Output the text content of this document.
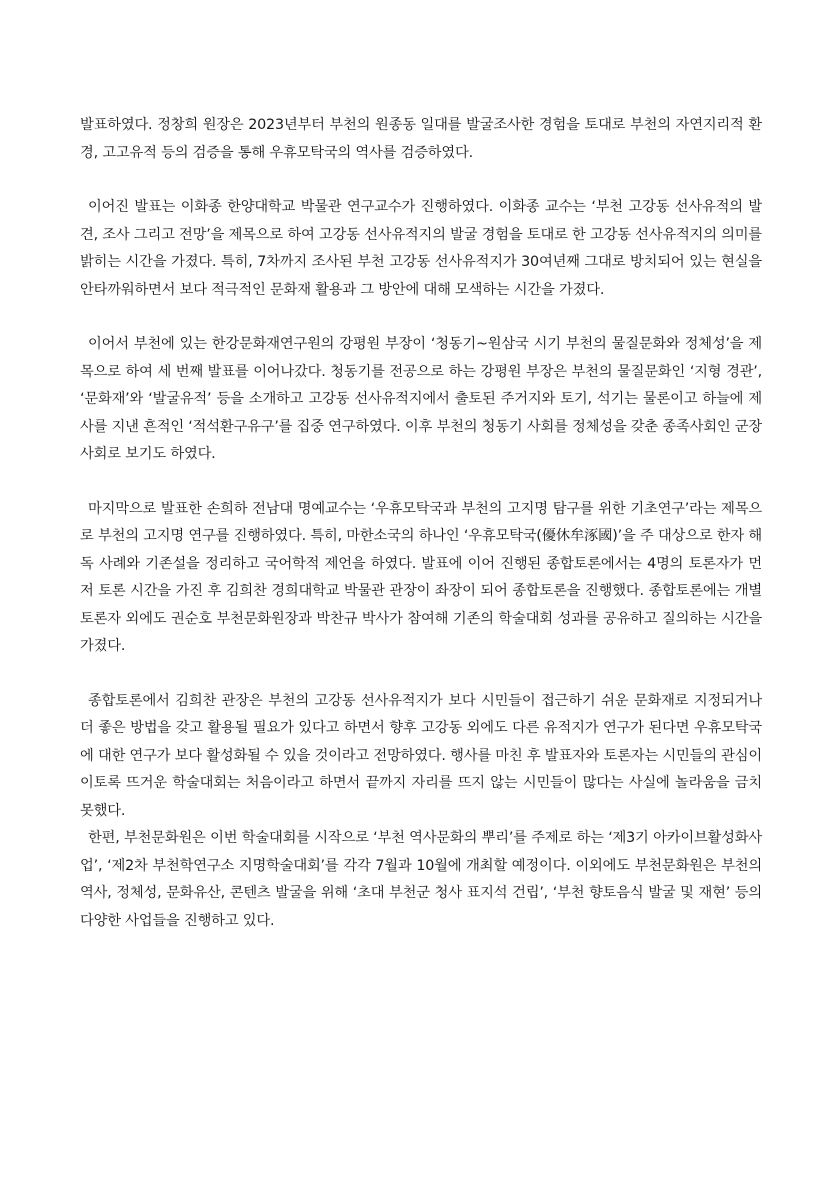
발표하였다. 정창희 원장은 2023년부터 부천의 원종동 일대를 발굴조사한 경험을 토대로 부천의 자연지리적 환경, 고고유적 등의 검증을 통해 우휴모탁국의 역사를 검증하였다.

이어진 발표는 이화종 한양대학교 박물관 연구교수가 진행하였다. 이화종 교수는 ‘부천 고강동 선사유적의 발견, 조사 그리고 전망’을 제목으로 하여 고강동 선사유적지의 발굴 경험을 토대로 한 고강동 선사유적지의 의미를 밝히는 시간을 가졌다. 특히, 7차까지 조사된 부천 고강동 선사유적지가 30여년째 그대로 방치되어 있는 현실을 안타까워하면서 보다 적극적인 문화재 활용과 그 방안에 대해 모색하는 시간을 가졌다.

이어서 부천에 있는 한강문화재연구원의 강평원 부장이 ‘청동기~원삼국 시기 부천의 물질문화와 정체성’을 제목으로 하여 세 번째 발표를 이어나갔다. 청동기를 전공으로 하는 강평원 부장은 부천의 물질문화인 ‘지형 경관’, ‘문화재’와 ‘발굴유적’ 등을 소개하고 고강동 선사유적지에서 출토된 주거지와 토기, 석기는 물론이고 하늘에 제사를 지낸 흔적인 ‘적석환구유구’를 집중 연구하였다. 이후 부천의 청동기 사회를 정체성을 갖춘 종족사회인 군장사회로 보기도 하였다.

마지막으로 발표한 손희하 전남대 명예교수는 ‘우휴모탁국과 부천의 고지명 탐구를 위한 기초연구’라는 제목으로 부천의 고지명 연구를 진행하였다. 특히, 마한소국의 하나인 ‘우휴모탁국(優休牟涿國)’을 주 대상으로 한자 해독 사례와 기존설을 정리하고 국어학적 제언을 하였다. 발표에 이어 진행된 종합토론에서는 4명의 토론자가 먼저 토론 시간을 가진 후 김희찬 경희대학교 박물관 관장이 좌장이 되어 종합토론을 진행했다. 종합토론에는 개별 토론자 외에도 권순호 부천문화원장과 박찬규 박사가 참여해 기존의 학술대회 성과를 공유하고 질의하는 시간을 가졌다.

종합토론에서 김희찬 관장은 부천의 고강동 선사유적지가 보다 시민들이 접근하기 쉬운 문화재로 지정되거나 더 좋은 방법을 갖고 활용될 필요가 있다고 하면서 향후 고강동 외에도 다른 유적지가 연구가 된다면 우휴모탁국에 대한 연구가 보다 활성화될 수 있을 것이라고 전망하였다. 행사를 마친 후 발표자와 토론자는 시민들의 관심이 이토록 뜨거운 학술대회는 처음이라고 하면서 끝까지 자리를 뜨지 않는 시민들이 많다는 사실에 놀라움을 금치 못했다.

한편, 부천문화원은 이번 학술대회를 시작으로 ‘부천 역사문화의 뿌리’를 주제로 하는 ‘제3기 아카이브활성화사업’, ‘제2차 부천학연구소 지명학술대회’를 각각 7월과 10월에 개최할 예정이다. 이외에도 부천문화원은 부천의 역사, 정체성, 문화유산, 콘텐츠 발굴을 위해 ‘초대 부천군 청사 표지석 건립’, ‘부천 향토음식 발굴 및 재현’ 등의 다양한 사업들을 진행하고 있다.
